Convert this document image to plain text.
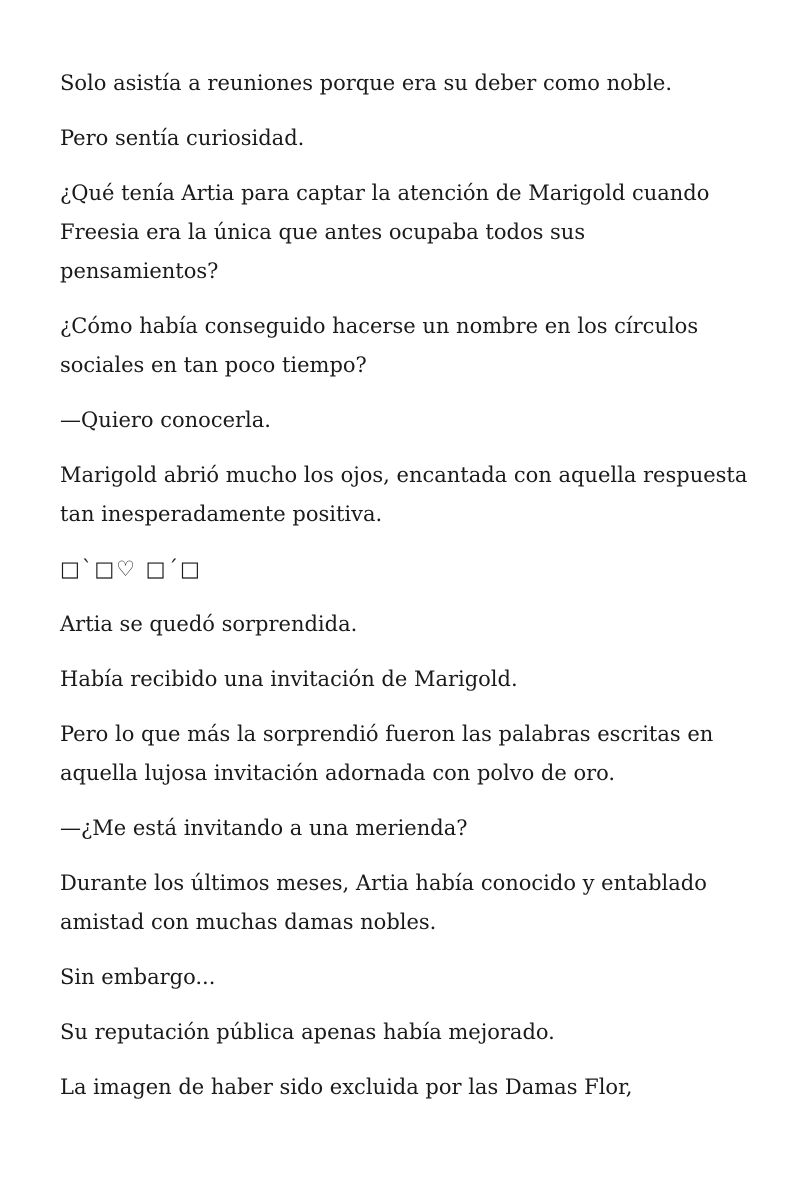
Solo asistía a reuniones porque era su deber como noble.

Pero sentía curiosidad.

¿Qué tenía Artia para captar la atención de Marigold cuando Freesia era la única que antes ocupaba todos sus pensamientos?

¿Cómo había conseguido hacerse un nombre en los círculos sociales en tan poco tiempo?

—Quiero conocerla.

Marigold abrió mucho los ojos, encantada con aquella respuesta tan inesperadamente positiva.

□`□♡ □´□

Artia se quedó sorprendida.

Había recibido una invitación de Marigold.

Pero lo que más la sorprendió fueron las palabras escritas en aquella lujosa invitación adornada con polvo de oro.

—¿Me está invitando a una merienda?

Durante los últimos meses, Artia había conocido y entablado amistad con muchas damas nobles.

Sin embargo...

Su reputación pública apenas había mejorado.

La imagen de haber sido excluida por las Damas Flor,
